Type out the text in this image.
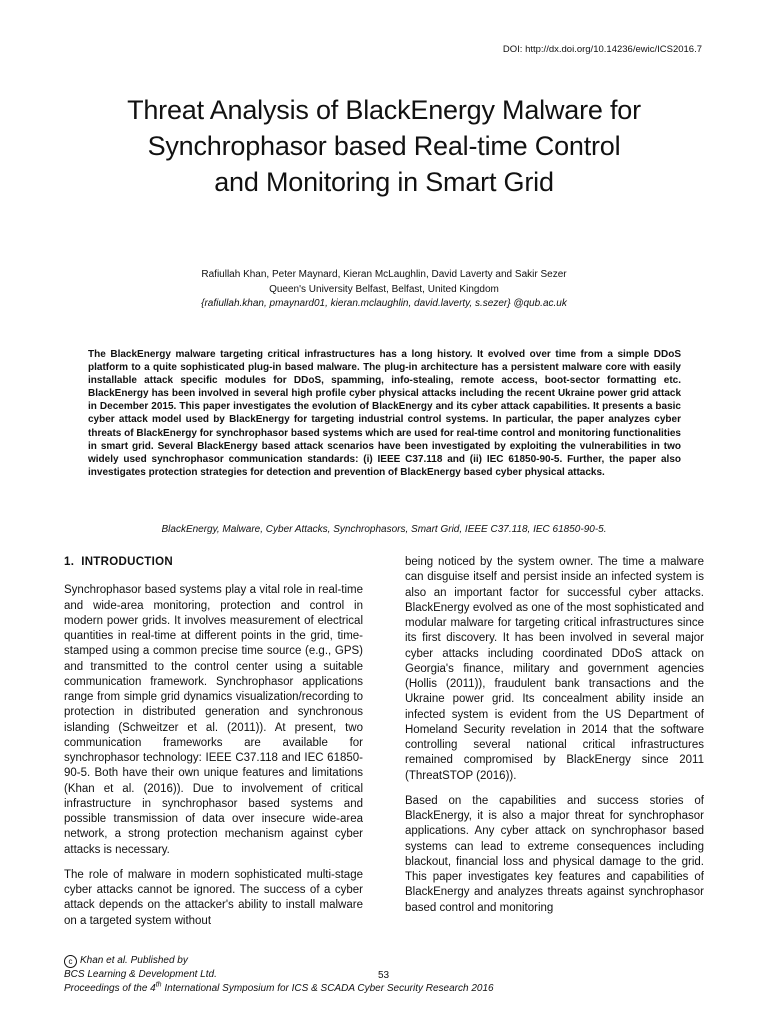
DOI: http://dx.doi.org/10.14236/ewic/ICS2016.7
Threat Analysis of BlackEnergy Malware for
Synchrophasor based Real-time Control
and Monitoring in Smart Grid
Rafiullah Khan, Peter Maynard, Kieran McLaughlin, David Laverty and Sakir Sezer
Queen's University Belfast, Belfast, United Kingdom
{rafiullah.khan, pmaynard01, kieran.mclaughlin, david.laverty, s.sezer} @qub.ac.uk

The BlackEnergy malware targeting critical infrastructures has a long history. It evolved over time from a simple DDoS platform to a quite sophisticated plug-in based malware. The plug-in architecture has a persistent malware core with easily installable attack specific modules for DDoS, spamming, info-stealing, remote access, boot-sector formatting etc. BlackEnergy has been involved in several high profile cyber physical attacks including the recent Ukraine power grid attack in December 2015. This paper investigates the evolution of BlackEnergy and its cyber attack capabilities. It presents a basic cyber attack model used by BlackEnergy for targeting industrial control systems. In particular, the paper analyzes cyber threats of BlackEnergy for synchrophasor based systems which are used for real-time control and monitoring functionalities in smart grid. Several BlackEnergy based attack scenarios have been investigated by exploiting the vulnerabilities in two widely used synchrophasor communication standards: (i) IEEE C37.118 and (ii) IEC 61850-90-5. Further, the paper also investigates protection strategies for detection and prevention of BlackEnergy based cyber physical attacks.

BlackEnergy, Malware, Cyber Attacks, Synchrophasors, Smart Grid, IEEE C37.118, IEC 61850-90-5.
1. INTRODUCTION

Synchrophasor based systems play a vital role in real-time and wide-area monitoring, protection and control in modern power grids. It involves measurement of electrical quantities in real-time at different points in the grid, time-stamped using a common precise time source (e.g., GPS) and transmitted to the control center using a suitable communication framework. Synchrophasor applications range from simple grid dynamics visualization/recording to protection in distributed generation and synchronous islanding (Schweitzer et al. (2011)). At present, two communication frameworks are available for synchrophasor technology: IEEE C37.118 and IEC 61850-90-5. Both have their own unique features and limitations (Khan et al. (2016)). Due to involvement of critical infrastructure in synchrophasor based systems and possible transmission of data over insecure wide-area network, a strong protection mechanism against cyber attacks is necessary.

The role of malware in modern sophisticated multi-stage cyber attacks cannot be ignored. The success of a cyber attack depends on the attacker's ability to install malware on a targeted system without

being noticed by the system owner. The time a malware can disguise itself and persist inside an infected system is also an important factor for successful cyber attacks. BlackEnergy evolved as one of the most sophisticated and modular malware for targeting critical infrastructures since its first discovery. It has been involved in several major cyber attacks including coordinated DDoS attack on Georgia's finance, military and government agencies (Hollis (2011)), fraudulent bank transactions and the Ukraine power grid. Its concealment ability inside an infected system is evident from the US Department of Homeland Security revelation in 2014 that the software controlling several national critical infrastructures remained compromised by BlackEnergy since 2011 (ThreatSTOP (2016)).

Based on the capabilities and success stories of BlackEnergy, it is also a major threat for synchrophasor applications. Any cyber attack on synchrophasor based systems can lead to extreme consequences including blackout, financial loss and physical damage to the grid. This paper investigates key features and capabilities of BlackEnergy and analyzes threats against synchrophasor based control and monitoring

c Khan et al. Published by
BCS Learning & Development Ltd.
Proceedings of the 4th International Symposium for ICS & SCADA Cyber Security Research 2016
53
